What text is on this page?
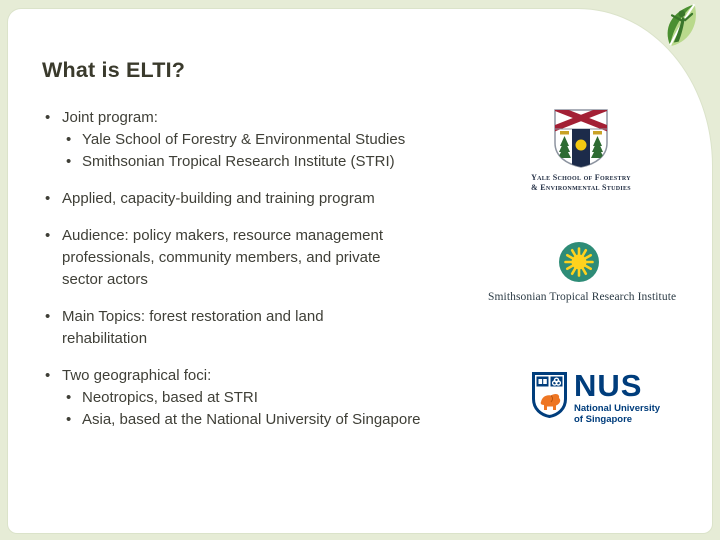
What is ELTI?
• Joint program:
• Yale School of Forestry & Environmental Studies
• Smithsonian Tropical Research Institute (STRI)
• Applied, capacity-building and training program
• Audience: policy makers, resource management
professionals, community members, and private
sector actors
• Main Topics: forest restoration and land
rehabilitation
• Two geographical foci:
• Neotropics, based at STRI
• Asia, based at the National University of Singapore
Yale School of Forestry
& Environmental Studies
Smithsonian Tropical Research Institute
NUS
National University
of Singapore
